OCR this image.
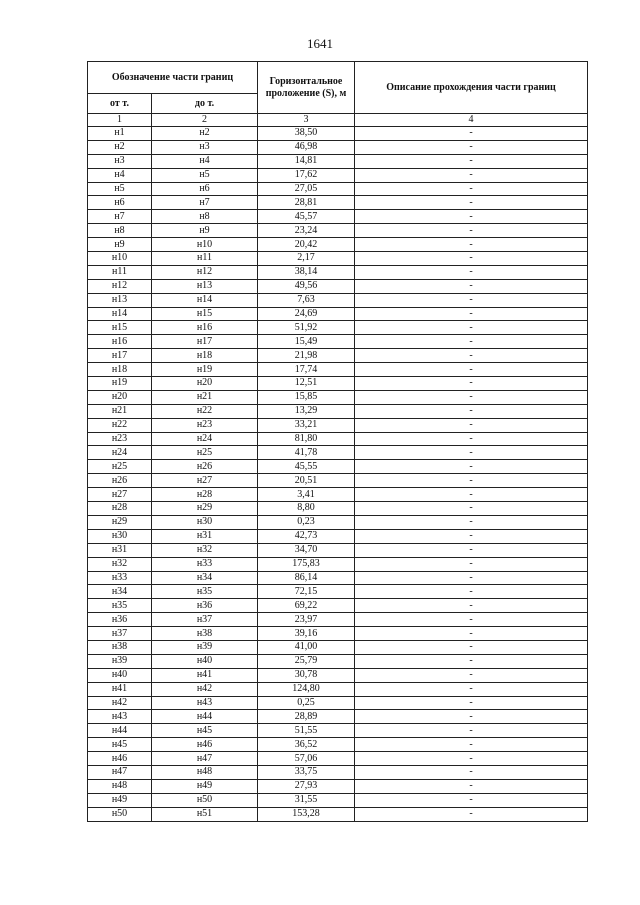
1641
Обозначение части границ		Горизонтальное проложение (S), м	Описание прохождения части границ
от т.	до т.		
1	2	3	4
н1	н2	38,50	-
н2	н3	46,98	-
н3	н4	14,81	-
н4	н5	17,62	-
н5	н6	27,05	-
н6	н7	28,81	-
н7	н8	45,57	-
н8	н9	23,24	-
н9	н10	20,42	-
н10	н11	2,17	-
н11	н12	38,14	-
н12	н13	49,56	-
н13	н14	7,63	-
н14	н15	24,69	-
н15	н16	51,92	-
н16	н17	15,49	-
н17	н18	21,98	-
н18	н19	17,74	-
н19	н20	12,51	-
н20	н21	15,85	-
н21	н22	13,29	-
н22	н23	33,21	-
н23	н24	81,80	-
н24	н25	41,78	-
н25	н26	45,55	-
н26	н27	20,51	-
н27	н28	3,41	-
н28	н29	8,80	-
н29	н30	0,23	-
н30	н31	42,73	-
н31	н32	34,70	-
н32	н33	175,83	-
н33	н34	86,14	-
н34	н35	72,15	-
н35	н36	69,22	-
н36	н37	23,97	-
н37	н38	39,16	-
н38	н39	41,00	-
н39	н40	25,79	-
н40	н41	30,78	-
н41	н42	124,80	-
н42	н43	0,25	-
н43	н44	28,89	-
н44	н45	51,55	-
н45	н46	36,52	-
н46	н47	57,06	-
н47	н48	33,75	-
н48	н49	27,93	-
н49	н50	31,55	-
н50	н51	153,28	-
